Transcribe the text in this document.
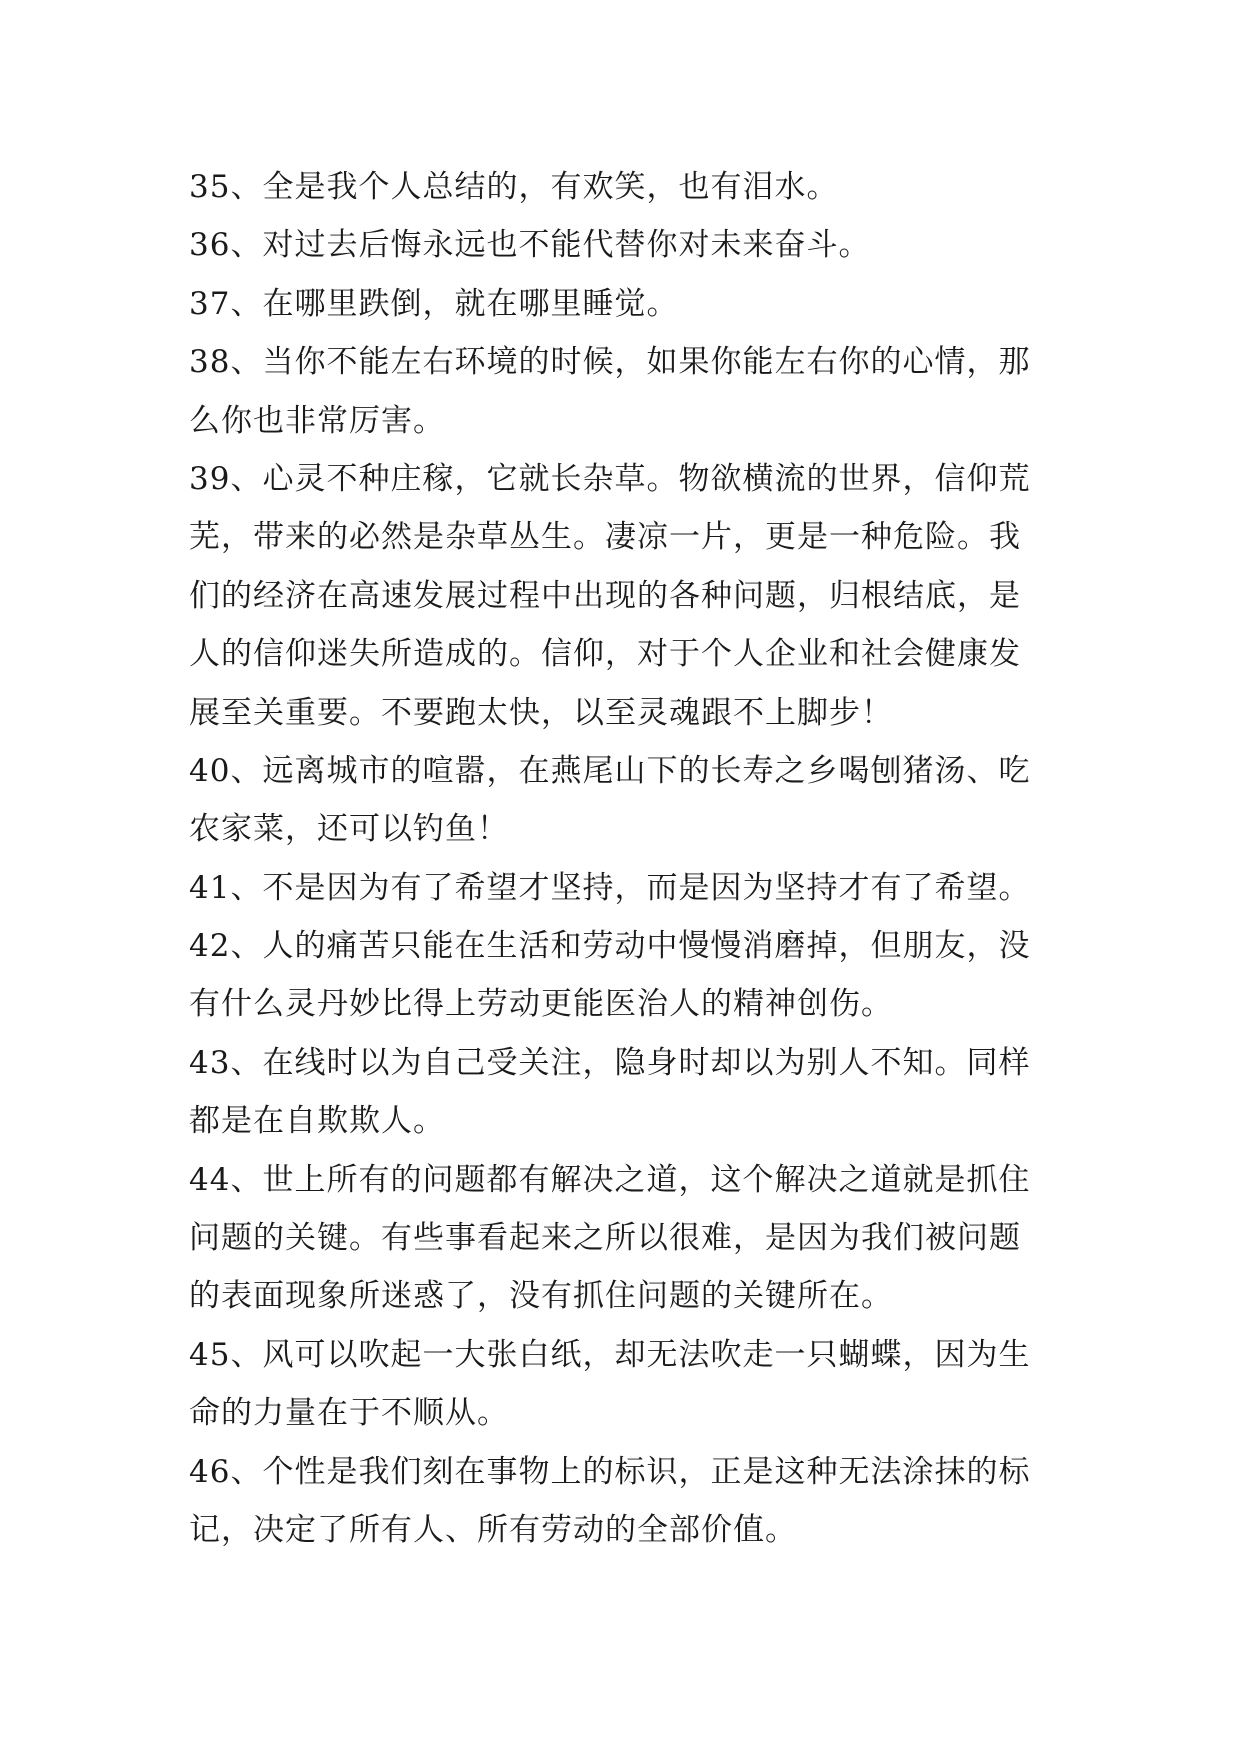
35、全是我个人总结的，有欢笑，也有泪水。
36、对过去后悔永远也不能代替你对未来奋斗。
37、在哪里跌倒，就在哪里睡觉。
38、当你不能左右环境的时候，如果你能左右你的心情，那
么你也非常厉害。
39、心灵不种庄稼，它就长杂草。物欲横流的世界，信仰荒
芜，带来的必然是杂草丛生。凄凉一片，更是一种危险。我
们的经济在高速发展过程中出现的各种问题，归根结底，是
人的信仰迷失所造成的。信仰，对于个人企业和社会健康发
展至关重要。不要跑太快，以至灵魂跟不上脚步！
40、远离城市的喧嚣，在燕尾山下的长寿之乡喝刨猪汤、吃
农家菜，还可以钓鱼！
41、不是因为有了希望才坚持，而是因为坚持才有了希望。
42、人的痛苦只能在生活和劳动中慢慢消磨掉，但朋友，没
有什么灵丹妙比得上劳动更能医治人的精神创伤。
43、在线时以为自己受关注，隐身时却以为别人不知。同样
都是在自欺欺人。
44、世上所有的问题都有解决之道，这个解决之道就是抓住
问题的关键。有些事看起来之所以很难，是因为我们被问题
的表面现象所迷惑了，没有抓住问题的关键所在。
45、风可以吹起一大张白纸，却无法吹走一只蝴蝶，因为生
命的力量在于不顺从。
46、个性是我们刻在事物上的标识，正是这种无法涂抹的标
记，决定了所有人、所有劳动的全部价值。
